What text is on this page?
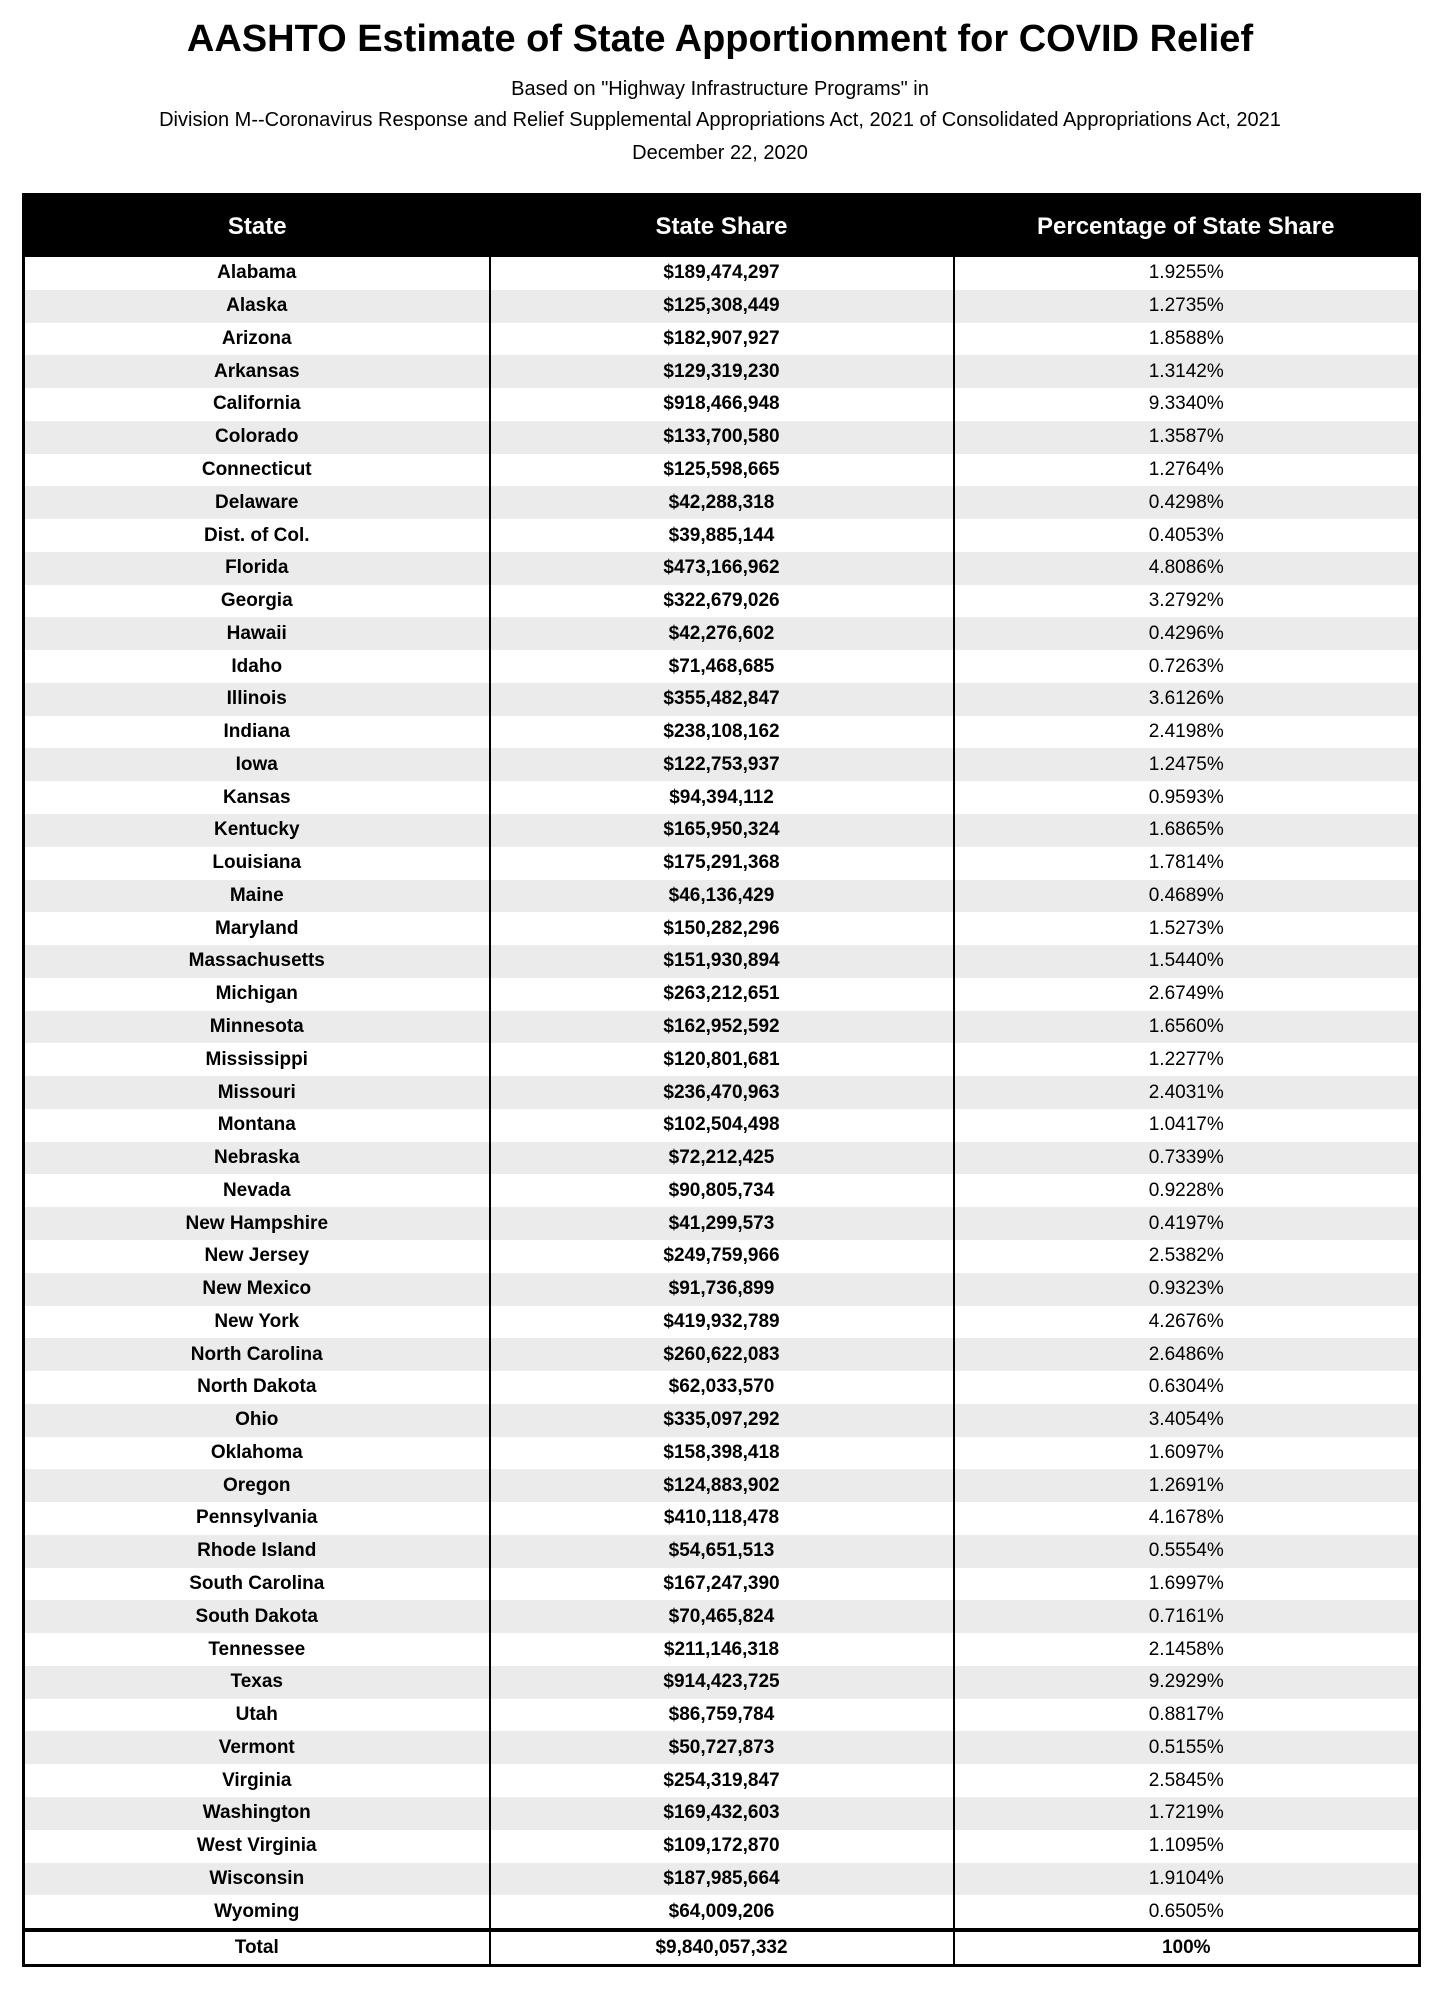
AASHTO Estimate of State Apportionment for COVID Relief

Based on "Highway Infrastructure Programs" in

Division M--Coronavirus Response and Relief Supplemental Appropriations Act, 2021 of Consolidated Appropriations Act, 2021

December 22, 2020

State	State Share	Percentage of State Share
Alabama	$189,474,297	1.9255%
Alaska	$125,308,449	1.2735%
Arizona	$182,907,927	1.8588%
Arkansas	$129,319,230	1.3142%
California	$918,466,948	9.3340%
Colorado	$133,700,580	1.3587%
Connecticut	$125,598,665	1.2764%
Delaware	$42,288,318	0.4298%
Dist. of Col.	$39,885,144	0.4053%
Florida	$473,166,962	4.8086%
Georgia	$322,679,026	3.2792%
Hawaii	$42,276,602	0.4296%
Idaho	$71,468,685	0.7263%
Illinois	$355,482,847	3.6126%
Indiana	$238,108,162	2.4198%
Iowa	$122,753,937	1.2475%
Kansas	$94,394,112	0.9593%
Kentucky	$165,950,324	1.6865%
Louisiana	$175,291,368	1.7814%
Maine	$46,136,429	0.4689%
Maryland	$150,282,296	1.5273%
Massachusetts	$151,930,894	1.5440%
Michigan	$263,212,651	2.6749%
Minnesota	$162,952,592	1.6560%
Mississippi	$120,801,681	1.2277%
Missouri	$236,470,963	2.4031%
Montana	$102,504,498	1.0417%
Nebraska	$72,212,425	0.7339%
Nevada	$90,805,734	0.9228%
New Hampshire	$41,299,573	0.4197%
New Jersey	$249,759,966	2.5382%
New Mexico	$91,736,899	0.9323%
New York	$419,932,789	4.2676%
North Carolina	$260,622,083	2.6486%
North Dakota	$62,033,570	0.6304%
Ohio	$335,097,292	3.4054%
Oklahoma	$158,398,418	1.6097%
Oregon	$124,883,902	1.2691%
Pennsylvania	$410,118,478	4.1678%
Rhode Island	$54,651,513	0.5554%
South Carolina	$167,247,390	1.6997%
South Dakota	$70,465,824	0.7161%
Tennessee	$211,146,318	2.1458%
Texas	$914,423,725	9.2929%
Utah	$86,759,784	0.8817%
Vermont	$50,727,873	0.5155%
Virginia	$254,319,847	2.5845%
Washington	$169,432,603	1.7219%
West Virginia	$109,172,870	1.1095%
Wisconsin	$187,985,664	1.9104%
Wyoming	$64,009,206	0.6505%
Total	$9,840,057,332	100%
